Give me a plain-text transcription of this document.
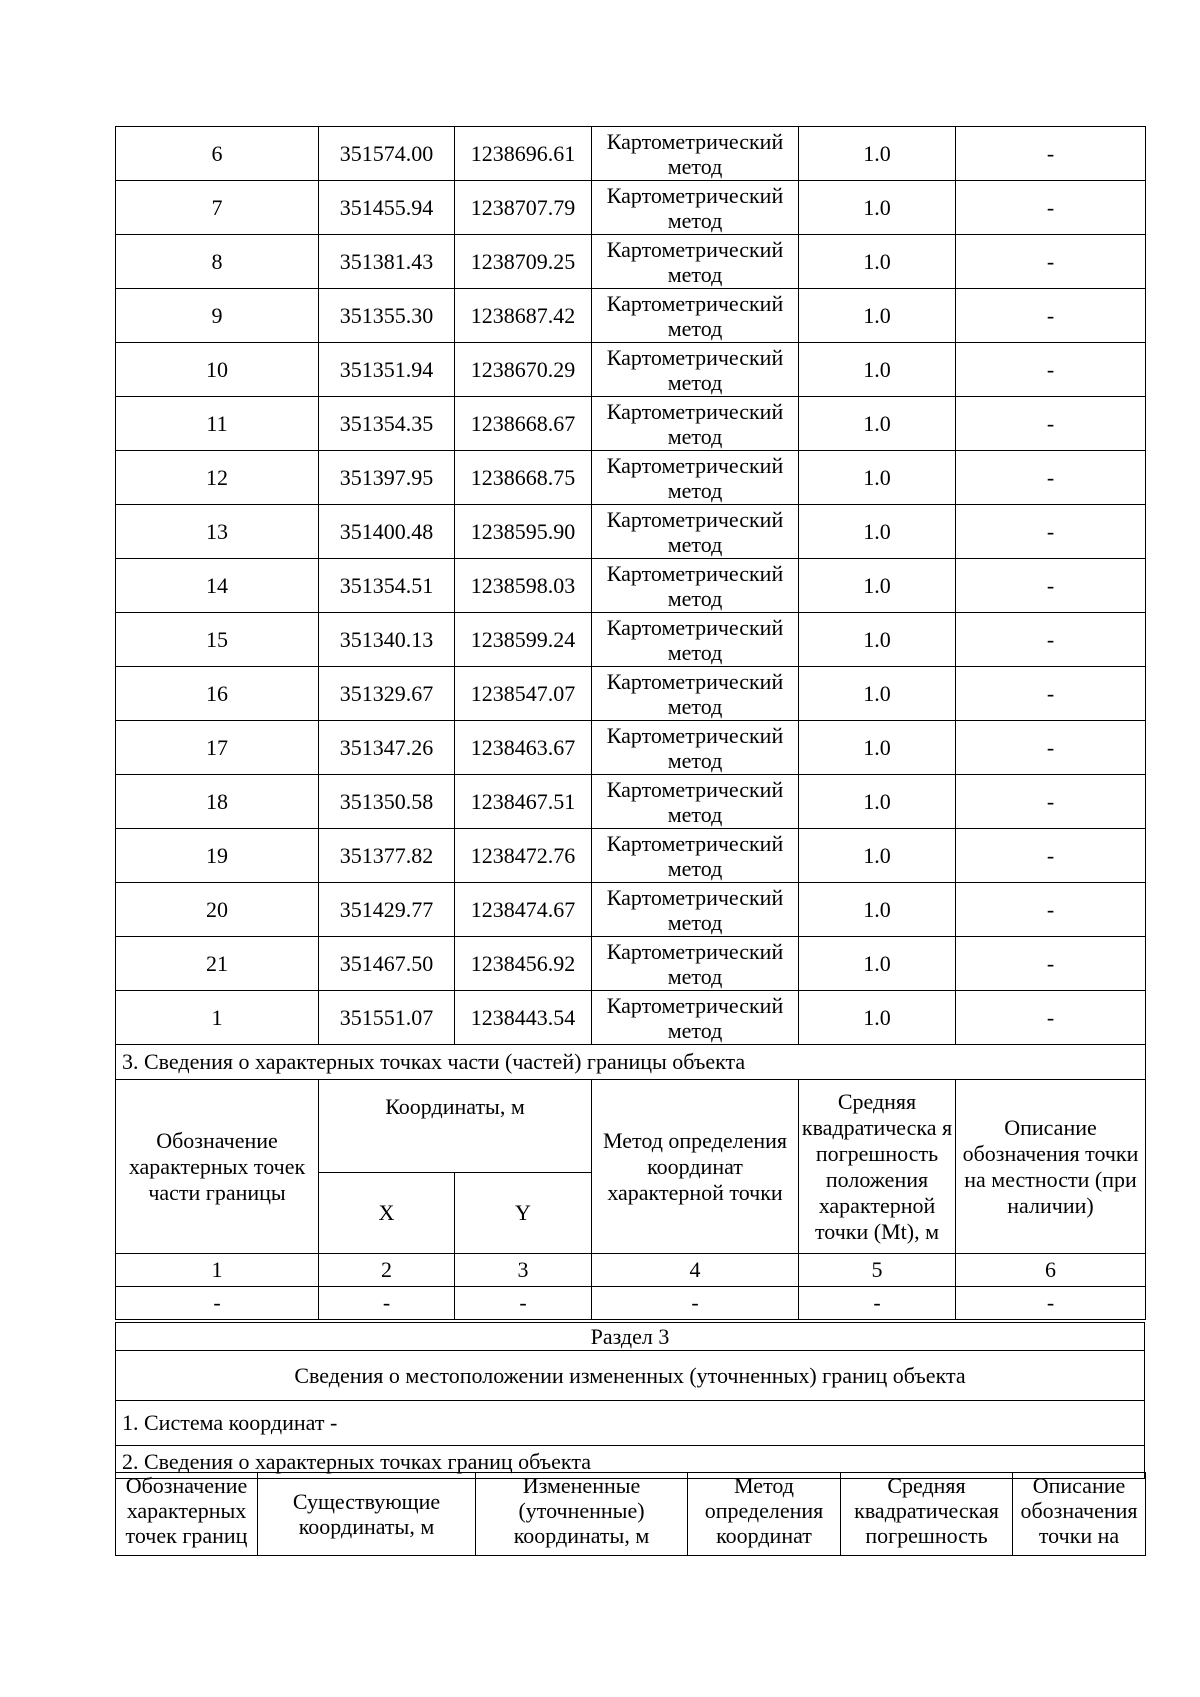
6	351574.00	1238696.61	Картометрический метод	1.0	-
7	351455.94	1238707.79	Картометрический метод	1.0	-
8	351381.43	1238709.25	Картометрический метод	1.0	-
9	351355.30	1238687.42	Картометрический метод	1.0	-
10	351351.94	1238670.29	Картометрический метод	1.0	-
11	351354.35	1238668.67	Картометрический метод	1.0	-
12	351397.95	1238668.75	Картометрический метод	1.0	-
13	351400.48	1238595.90	Картометрический метод	1.0	-
14	351354.51	1238598.03	Картометрический метод	1.0	-
15	351340.13	1238599.24	Картометрический метод	1.0	-
16	351329.67	1238547.07	Картометрический метод	1.0	-
17	351347.26	1238463.67	Картометрический метод	1.0	-
18	351350.58	1238467.51	Картометрический метод	1.0	-
19	351377.82	1238472.76	Картометрический метод	1.0	-
20	351429.77	1238474.67	Картометрический метод	1.0	-
21	351467.50	1238456.92	Картометрический метод	1.0	-
1	351551.07	1238443.54	Картометрический метод	1.0	-
3. Сведения о характерных точках части (частей) границы объекта					
Обозначение характерных точек части границы	Координаты, м		Метод определения координат характерной точки	Средняя квадратическа я погрешность положения характерной точки (Mt), м	Описание обозначения точки на местности (при наличии)
	X	Y			
1	2	3	4	5	6
-	-	-	-	-	-
Раздел 3
Сведения о местоположении измененных (уточненных) границ объекта
1. Система координат -
2. Сведения о характерных точках границ объекта
Обозначение характерных точек границ	Существующие координаты, м	Измененные (уточненные) координаты, м	Метод определения координат	Средняя квадратическая погрешность	Описание обозначения точки на
